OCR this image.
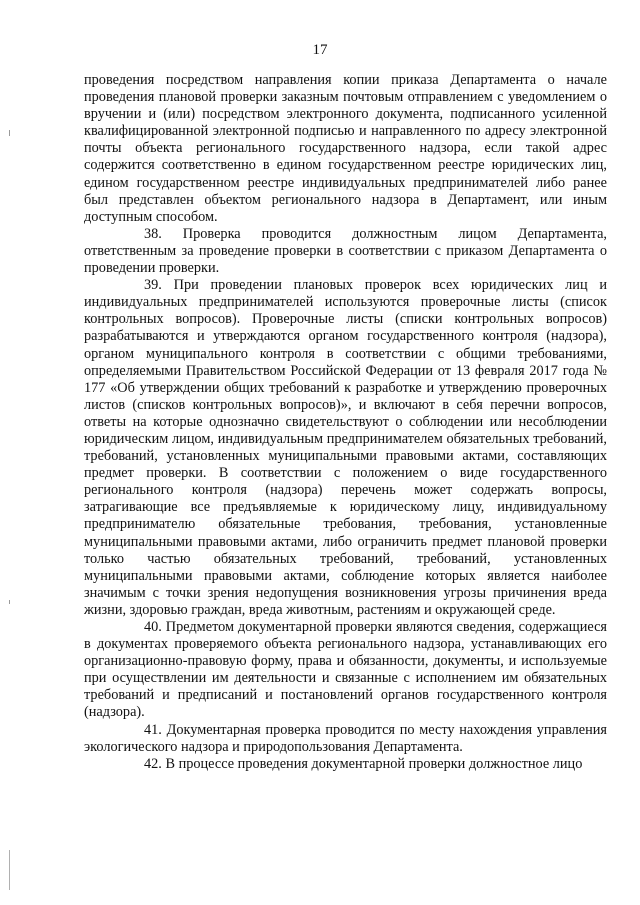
17

проведения посредством направления копии приказа Департамента о начале проведения плановой проверки заказным почтовым отправлением с уведомлением о вручении и (или) посредством электронного документа, подписанного усиленной квалифицированной электронной подписью и направленного по адресу электронной почты объекта регионального государственного надзора, если такой адрес содержится соответственно в едином государственном реестре юридических лиц, едином государственном реестре индивидуальных предпринимателей либо ранее был представлен объектом регионального надзора в Департамент, или иным доступным способом.

38. Проверка проводится должностным лицом Департамента, ответственным за проведение проверки в соответствии с приказом Департамента о проведении проверки.

39. При проведении плановых проверок всех юридических лиц и индивидуальных предпринимателей используются проверочные листы (список контрольных вопросов). Проверочные листы (списки контрольных вопросов) разрабатываются и утверждаются органом государственного контроля (надзора), органом муниципального контроля в соответствии с общими требованиями, определяемыми Правительством Российской Федерации от 13 февраля 2017 года № 177 «Об утверждении общих требований к разработке и утверждению проверочных листов (списков контрольных вопросов)», и включают в себя перечни вопросов, ответы на которые однозначно свидетельствуют о соблюдении или несоблюдении юридическим лицом, индивидуальным предпринимателем обязательных требований, требований, установленных муниципальными правовыми актами, составляющих предмет проверки. В соответствии с положением о виде государственного регионального контроля (надзора) перечень может содержать вопросы, затрагивающие все предъявляемые к юридическому лицу, индивидуальному предпринимателю обязательные требования, требования, установленные муниципальными правовыми актами, либо ограничить предмет плановой проверки только частью обязательных требований, требований, установленных муниципальными правовыми актами, соблюдение которых является наиболее значимым с точки зрения недопущения возникновения угрозы причинения вреда жизни, здоровью граждан, вреда животным, растениям и окружающей среде.

40. Предметом документарной проверки являются сведения, содержащиеся в документах проверяемого объекта регионального надзора, устанавливающих его организационно-правовую форму, права и обязанности, документы, и используемые при осуществлении им деятельности и связанные с исполнением им обязательных требований и предписаний и постановлений органов государственного контроля (надзора).

41. Документарная проверка проводится по месту нахождения управления экологического надзора и природопользования Департамента.

42. В процессе проведения документарной проверки должностное лицо
